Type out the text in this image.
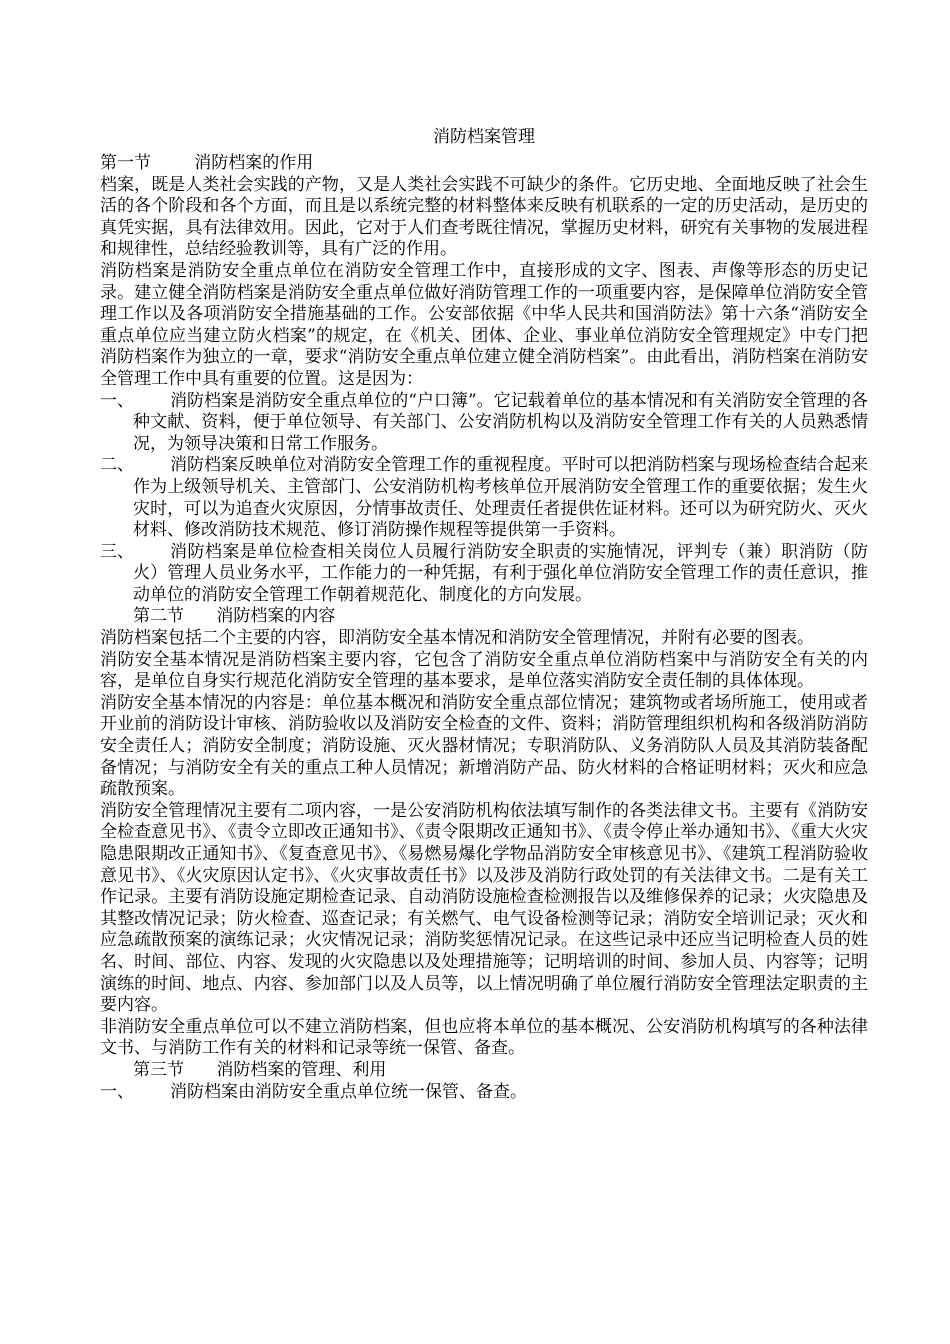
消防档案管理
第一节        消防档案的作用

档案，既是人类社会实践的产物，又是人类社会实践不可缺少的条件。它历史地、全面地反映了社会生活的各个阶段和各个方面，而且是以系统完整的材料整体来反映有机联系的一定的历史活动，是历史的真凭实据，具有法律效用。因此，它对于人们查考既往情况，掌握历史材料，研究有关事物的发展进程和规律性，总结经验教训等，具有广泛的作用。

消防档案是消防安全重点单位在消防安全管理工作中，直接形成的文字、图表、声像等形态的历史记录。建立健全消防档案是消防安全重点单位做好消防管理工作的一项重要内容，是保障单位消防安全管理工作以及各项消防安全措施基础的工作。公安部依据《中华人民共和国消防法》第十六条“消防安全重点单位应当建立防火档案”的规定，在《机关、团体、企业、事业单位消防安全管理规定》中专门把消防档案作为独立的一章，要求“消防安全重点单位建立健全消防档案”。由此看出，消防档案在消防安全管理工作中具有重要的位置。这是因为：

一、	消防档案是消防安全重点单位的“户口簿”。它记载着单位的基本情况和有关消防安全管理的各种文献、资料，便于单位领导、有关部门、公安消防机构以及消防安全管理工作有关的人员熟悉情况，为领导决策和日常工作服务。
二、	消防档案反映单位对消防安全管理工作的重视程度。平时可以把消防档案与现场检查结合起来作为上级领导机关、主管部门、公安消防机构考核单位开展消防安全管理工作的重要依据；发生火灾时，可以为追查火灾原因，分情事故责任、处理责任者提供佐证材料。还可以为研究防火、灭火材料、修改消防技术规范、修订消防操作规程等提供第一手资料。
三、	消防档案是单位检查相关岗位人员履行消防安全职责的实施情况，评判专（兼）职消防（防火）管理人员业务水平，工作能力的一种凭据，有利于强化单位消防安全管理工作的责任意识，推动单位的消防安全管理工作朝着规范化、制度化的方向发展。
第二节      消防档案的内容

消防档案包括二个主要的内容，即消防安全基本情况和消防安全管理情况，并附有必要的图表。

消防安全基本情况是消防档案主要内容，它包含了消防安全重点单位消防档案中与消防安全有关的内容，是单位自身实行规范化消防安全管理的基本要求，是单位落实消防安全责任制的具体体现。

消防安全基本情况的内容是：单位基本概况和消防安全重点部位情况；建筑物或者场所施工，使用或者开业前的消防设计审核、消防验收以及消防安全检查的文件、资料；消防管理组织机构和各级消防消防安全责任人；消防安全制度；消防设施、灭火器材情况；专职消防队、义务消防队人员及其消防装备配备情况；与消防安全有关的重点工种人员情况；新增消防产品、防火材料的合格证明材料；灭火和应急疏散预案。

消防安全管理情况主要有二项内容，一是公安消防机构依法填写制作的各类法律文书。主要有《消防安全检查意见书》、《责令立即改正通知书》、《责令限期改正通知书》、《责令停止举办通知书》、《重大火灾隐患限期改正通知书》、《复查意见书》、《易燃易爆化学物品消防安全审核意见书》、《建筑工程消防验收意见书》、《火灾原因认定书》、《火灾事故责任书》以及涉及消防行政处罚的有关法律文书。二是有关工作记录。主要有消防设施定期检查记录、自动消防设施检查检测报告以及维修保养的记录；火灾隐患及其整改情况记录；防火检查、巡查记录；有关燃气、电气设备检测等记录；消防安全培训记录；灭火和应急疏散预案的演练记录；火灾情况记录；消防奖惩情况记录。在这些记录中还应当记明检查人员的姓名、时间、部位、内容、发现的火灾隐患以及处理措施等；记明培训的时间、参加人员、内容等；记明演练的时间、地点、内容、参加部门以及人员等，以上情况明确了单位履行消防安全管理法定职责的主要内容。

非消防安全重点单位可以不建立消防档案，但也应将本单位的基本概况、公安消防机构填写的各种法律文书、与消防工作有关的材料和记录等统一保管、备查。

第三节      消防档案的管理、利用
一、	消防档案由消防安全重点单位统一保管、备查。
